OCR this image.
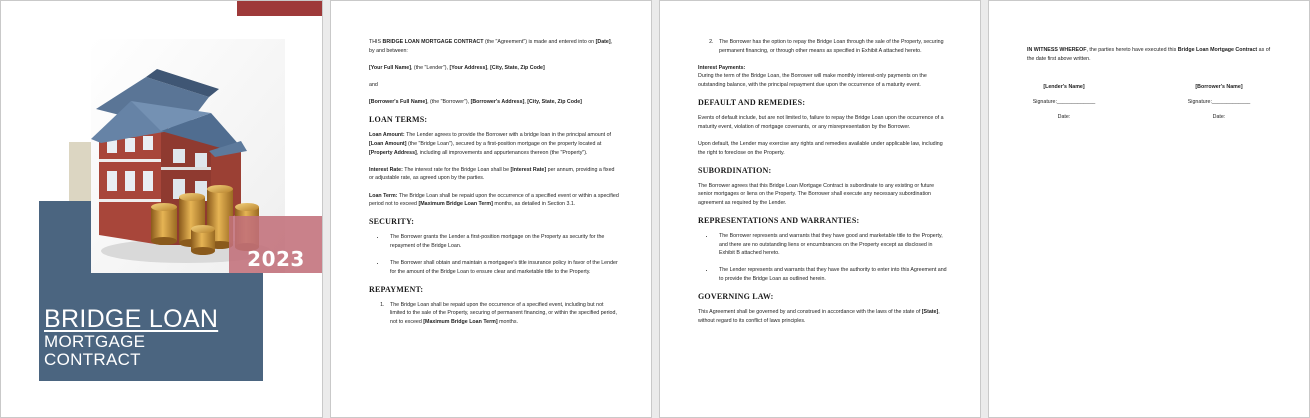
2023
BRIDGE LOAN
MORTGAGE
CONTRACT

THIS BRIDGE LOAN MORTGAGE CONTRACT (the "Agreement") is made and entered into on [Date], by and between:

[Your Full Name], (the "Lender"), [Your Address], [City, State, Zip Code]

and

[Borrower's Full Name], (the "Borrower"), [Borrower's Address], [City, State, Zip Code]

LOAN TERMS:

Loan Amount: The Lender agrees to provide the Borrower with a bridge loan in the principal amount of [Loan Amount] (the "Bridge Loan"), secured by a first-position mortgage on the property located at [Property Address], including all improvements and appurtenances thereon (the "Property").

Interest Rate: The interest rate for the Bridge Loan shall be [Interest Rate] per annum, providing a fixed or adjustable rate, as agreed upon by the parties.

Loan Term: The Bridge Loan shall be repaid upon the occurrence of a specified event or within a specified period not to exceed [Maximum Bridge Loan Term] months, as detailed in Section 3.1.

SECURITY:
• The Borrower grants the Lender a first-position mortgage on the Property as security for the repayment of the Bridge Loan.
• The Borrower shall obtain and maintain a mortgagee's title insurance policy in favor of the Lender for the amount of the Bridge Loan to ensure clear and marketable title to the Property.
REPAYMENT:
1. The Bridge Loan shall be repaid upon the occurrence of a specified event, including but not limited to the sale of the Property, securing of permanent financing, or within the specified period, not to exceed [Maximum Bridge Loan Term] months.
2. The Borrower has the option to repay the Bridge Loan through the sale of the Property, securing permanent financing, or through other means as specified in Exhibit A attached hereto.

Interest Payments:

During the term of the Bridge Loan, the Borrower will make monthly interest-only payments on the outstanding balance, with the principal repayment due upon the occurrence of a maturity event.

DEFAULT AND REMEDIES:

Events of default include, but are not limited to, failure to repay the Bridge Loan upon the occurrence of a maturity event, violation of mortgage covenants, or any misrepresentation by the Borrower.

Upon default, the Lender may exercise any rights and remedies available under applicable law, including the right to foreclose on the Property.

SUBORDINATION:

The Borrower agrees that this Bridge Loan Mortgage Contract is subordinate to any existing or future senior mortgages or liens on the Property. The Borrower shall execute any necessary subordination agreement as required by the Lender.

REPRESENTATIONS AND WARRANTIES:
• The Borrower represents and warrants that they have good and marketable title to the Property, and there are no outstanding liens or encumbrances on the Property except as disclosed in Exhibit B attached hereto.
• The Lender represents and warrants that they have the authority to enter into this Agreement and to provide the Bridge Loan as outlined herein.
GOVERNING LAW:

This Agreement shall be governed by and construed in accordance with the laws of the state of [State], without regard to its conflict of laws principles.

IN WITNESS WHEREOF, the parties hereto have executed this Bridge Loan Mortgage Contract as of the date first above written.

[Lender's Name]
Signature:_____________
Date:
[Borrower's Name]
Signature:_____________
Date:
